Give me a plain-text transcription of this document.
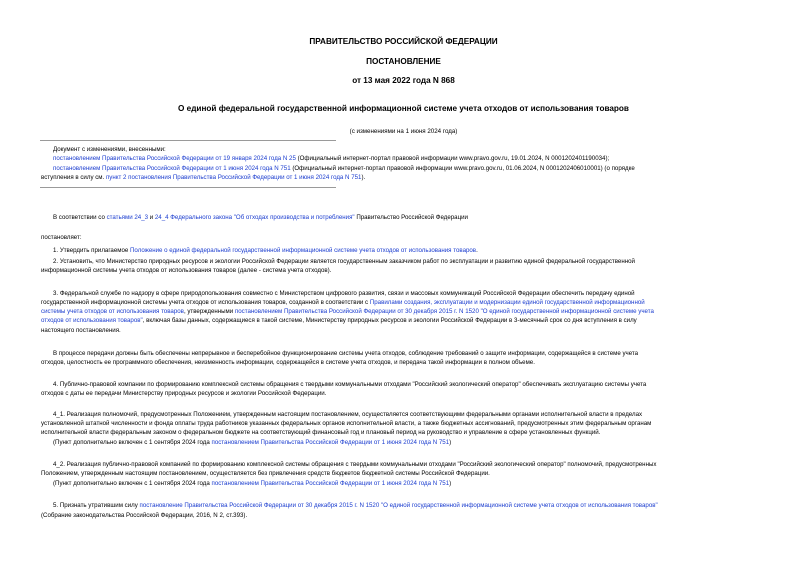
ПРАВИТЕЛЬСТВО РОССИЙСКОЙ ФЕДЕРАЦИИ
ПОСТАНОВЛЕНИЕ
от 13 мая 2022 года N 868
О единой федеральной государственной информационной системе учета отходов от использования товаров
(с изменениями на 1 июня 2024 года)
Документ с изменениями, внесенными:
постановлением Правительства Российской Федерации от 19 января 2024 года N 25 (Официальный интернет-портал правовой информации www.pravo.gov.ru, 19.01.2024, N 0001202401190034);
постановлением Правительства Российской Федерации от 1 июня 2024 года N 751 (Официальный интернет-портал правовой информации www.pravo.gov.ru, 01.06.2024, N 0001202406010001) (о порядке
вступления в силу см. пункт 2 постановления Правительства Российской Федерации от 1 июня 2024 года N 751).
В соответствии со статьями 24_3 и 24_4 Федерального закона "Об отходах производства и потребления" Правительство Российской Федерации
постановляет:
1. Утвердить прилагаемое Положение о единой федеральной государственной информационной системе учета отходов от использования товаров.
2. Установить, что Министерство природных ресурсов и экологии Российской Федерации является государственным заказчиком работ по эксплуатации и развитию единой федеральной государственной
информационной системы учета отходов от использования товаров (далее - система учета отходов).
3. Федеральной службе по надзору в сфере природопользования совместно с Министерством цифрового развития, связи и массовых коммуникаций Российской Федерации обеспечить передачу единой
государственной информационной системы учета отходов от использования товаров, созданной в соответствии с Правилами создания, эксплуатации и модернизации единой государственной информационной
системы учета отходов от использования товаров, утвержденными постановлением Правительства Российской Федерации от 30 декабря 2015 г. N 1520 "О единой государственной информационной системе учета
отходов от использования товаров", включая базы данных, содержащиеся в такой системе, Министерству природных ресурсов и экологии Российской Федерации в 3-месячный срок со дня вступления в силу
настоящего постановления.
В процессе передачи должны быть обеспечены непрерывное и бесперебойное функционирование системы учета отходов, соблюдение требований о защите информации, содержащейся в системе учета
отходов, целостность ее программного обеспечения, неизменность информации, содержащейся в системе учета отходов, и передача такой информации в полном объеме.
4. Публично-правовой компании по формированию комплексной системы обращения с твердыми коммунальными отходами "Российский экологический оператор" обеспечивать эксплуатацию системы учета
отходов с даты ее передачи Министерству природных ресурсов и экологии Российской Федерации.
4_1. Реализация полномочий, предусмотренных Положением, утвержденным настоящим постановлением, осуществляется соответствующими федеральными органами исполнительной власти в пределах
установленной штатной численности и фонда оплаты труда работников указанных федеральных органов исполнительной власти, а также бюджетных ассигнований, предусмотренных этим федеральным органам
исполнительной власти федеральным законом о федеральном бюджете на соответствующий финансовый год и плановый период на руководство и управление в сфере установленных функций.
(Пункт дополнительно включен с 1 сентября 2024 года постановлением Правительства Российской Федерации от 1 июня 2024 года N 751)
4_2. Реализация публично-правовой компанией по формированию комплексной системы обращения с твердыми коммунальными отходами "Российский экологический оператор" полномочий, предусмотренных
Положением, утвержденным настоящим постановлением, осуществляется без привлечения средств бюджетов бюджетной системы Российской Федерации.
(Пункт дополнительно включен с 1 сентября 2024 года постановлением Правительства Российской Федерации от 1 июня 2024 года N 751)
5. Признать утратившим силу постановление Правительства Российской Федерации от 30 декабря 2015 г. N 1520 "О единой государственной информационной системе учета отходов от использования товаров"
(Собрание законодательства Российской Федерации, 2016, N 2, ст.393).
